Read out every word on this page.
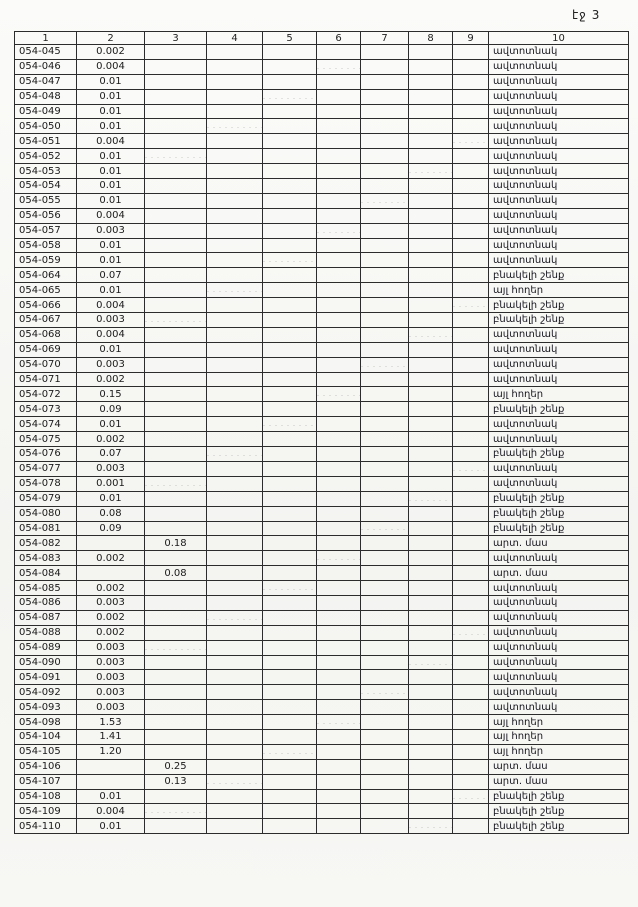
էջ 3
1	2	3	4	5	6	7	8	9	10
054-045	0.002								ավտոտնակ
054-046	0.004								ավտոտնակ
054-047	0.01								ավտոտնակ
054-048	0.01								ավտոտնակ
054-049	0.01								ավտոտնակ
054-050	0.01								ավտոտնակ
054-051	0.004								ավտոտնակ
054-052	0.01								ավտոտնակ
054-053	0.01								ավտոտնակ
054-054	0.01								ավտոտնակ
054-055	0.01								ավտոտնակ
054-056	0.004								ավտոտնակ
054-057	0.003								ավտոտնակ
054-058	0.01								ավտոտնակ
054-059	0.01								ավտոտնակ
054-064	0.07								բնակելի շենք
054-065	0.01								այլ հողեր
054-066	0.004								բնակելի շենք
054-067	0.003								բնակելի շենք
054-068	0.004								ավտոտնակ
054-069	0.01								ավտոտնակ
054-070	0.003								ավտոտնակ
054-071	0.002								ավտոտնակ
054-072	0.15								այլ հողեր
054-073	0.09								բնակելի շենք
054-074	0.01								ավտոտնակ
054-075	0.002								ավտոտնակ
054-076	0.07								բնակելի շենք
054-077	0.003								ավտոտնակ
054-078	0.001								ավտոտնակ
054-079	0.01								բնակելի շենք
054-080	0.08								բնակելի շենք
054-081	0.09								բնակելի շենք
054-082		0.18							արտ. մաս
054-083	0.002								ավտոտնակ
054-084		0.08							արտ. մաս
054-085	0.002								ավտոտնակ
054-086	0.003								ավտոտնակ
054-087	0.002								ավտոտնակ
054-088	0.002								ավտոտնակ
054-089	0.003								ավտոտնակ
054-090	0.003								ավտոտնակ
054-091	0.003								ավտոտնակ
054-092	0.003								ավտոտնակ
054-093	0.003								ավտոտնակ
054-098	1.53								այլ հողեր
054-104	1.41								այլ հողեր
054-105	1.20								այլ հողեր
054-106		0.25							արտ. մաս
054-107		0.13							արտ. մաս
054-108	0.01								բնակելի շենք
054-109	0.004								բնակելի շենք
054-110	0.01								բնակելի շենք
